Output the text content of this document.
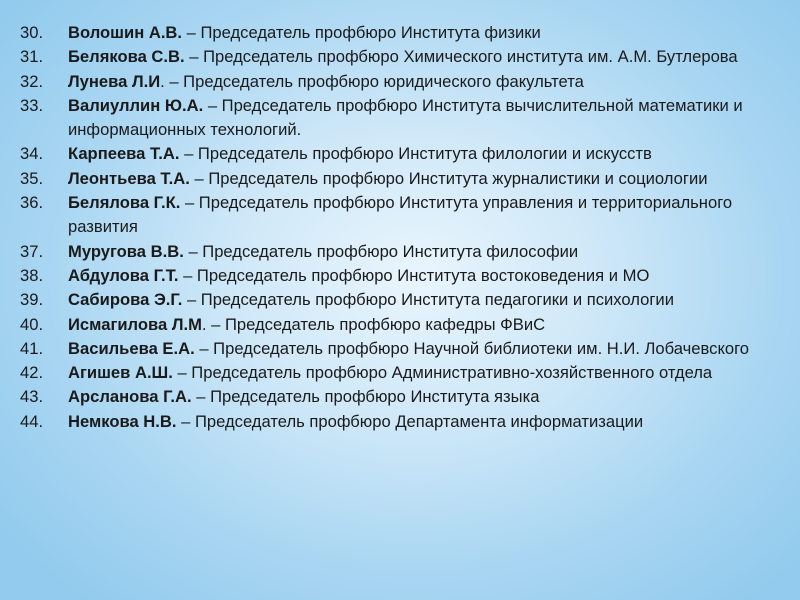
30.	Волошин А.В. – Председатель профбюро Института физики
31.	Белякова С.В. – Председатель профбюро Химического института им. А.М. Бутлерова
32.	Лунева Л.И. – Председатель профбюро юридического факультета
33.	Валиуллин Ю.А. – Председатель профбюро Института вычислительной математики и информационных технологий.
34.	Карпеева Т.А. – Председатель профбюро Института филологии и искусств
35.	Леонтьева Т.А. – Председатель профбюро Института журналистики и социологии
36.	Белялова Г.К. – Председатель профбюро Института управления и территориального развития
37.	Муругова В.В. – Председатель профбюро Института философии
38.	Абдулова Г.Т. – Председатель профбюро Института востоковедения и МО
39.	Сабирова Э.Г. – Председатель профбюро Института педагогики и психологии
40.	Исмагилова Л.М. – Председатель профбюро кафедры ФВиС
41.	Васильева Е.А. – Председатель профбюро Научной библиотеки им. Н.И. Лобачевского
42.	Агишев А.Ш. – Председатель профбюро Административно-хозяйственного отдела
43.	Арсланова Г.А. – Председатель профбюро Института языка
44.	Немкова Н.В. – Председатель профбюро Департамента информатизации
